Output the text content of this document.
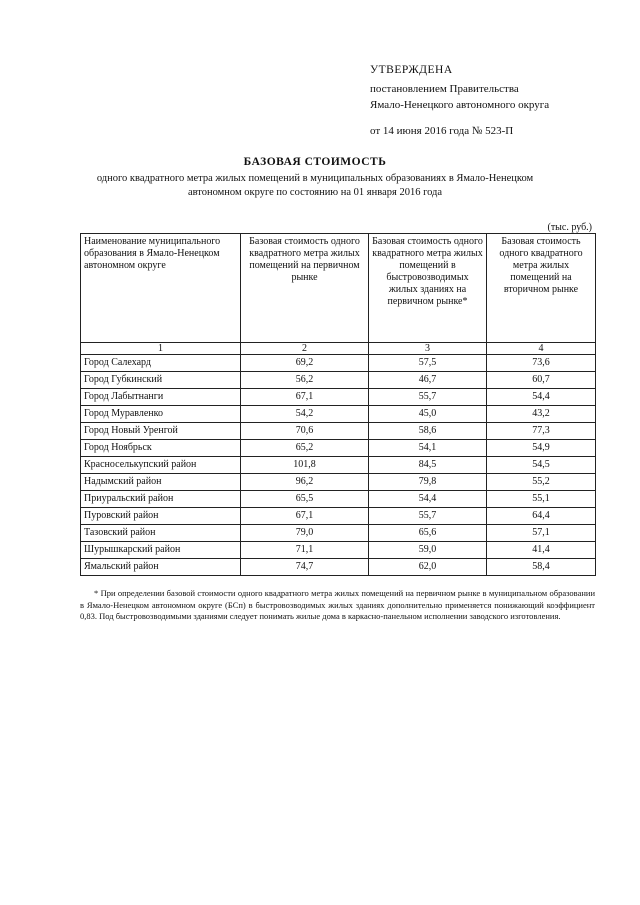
УТВЕРЖДЕНА
постановлением Правительства
Ямало-Ненецкого автономного округа
от 14 июня 2016 года № 523-П
БАЗОВАЯ СТОИМОСТЬ
одного квадратного метра жилых помещений в муниципальных образованиях в Ямало-Ненецком автономном округе по состоянию на 01 января 2016 года
(тыс. руб.)
Наименование муниципального образования в Ямало-Ненецком автономном округе	Базовая стоимость одного квадратного метра жилых помещений на первичном рынке	Базовая стоимость одного квадратного метра жилых помещений в быстровозводимых жилых зданиях на первичном рынке*	Базовая стоимость одного квадратного метра жилых помещений на вторичном рынке
1	2	3	4
Город Салехард	69,2	57,5	73,6
Город Губкинский	56,2	46,7	60,7
Город Лабытнанги	67,1	55,7	54,4
Город Муравленко	54,2	45,0	43,2
Город Новый Уренгой	70,6	58,6	77,3
Город Ноябрьск	65,2	54,1	54,9
Красноселькупский район	101,8	84,5	54,5
Надымский район	96,2	79,8	55,2
Приуральский район	65,5	54,4	55,1
Пуровский район	67,1	55,7	64,4
Тазовский район	79,0	65,6	57,1
Шурышкарский район	71,1	59,0	41,4
Ямальский район	74,7	62,0	58,4
* При определении базовой стоимости одного квадратного метра жилых помещений на первичном рынке в муниципальном образовании в Ямало-Ненецком автономном округе (БСп) в быстровозводимых жилых зданиях дополнительно применяется понижающий коэффициент 0,83. Под быстровозводимыми зданиями следует понимать жилые дома в каркасно-панельном исполнении заводского изготовления.
